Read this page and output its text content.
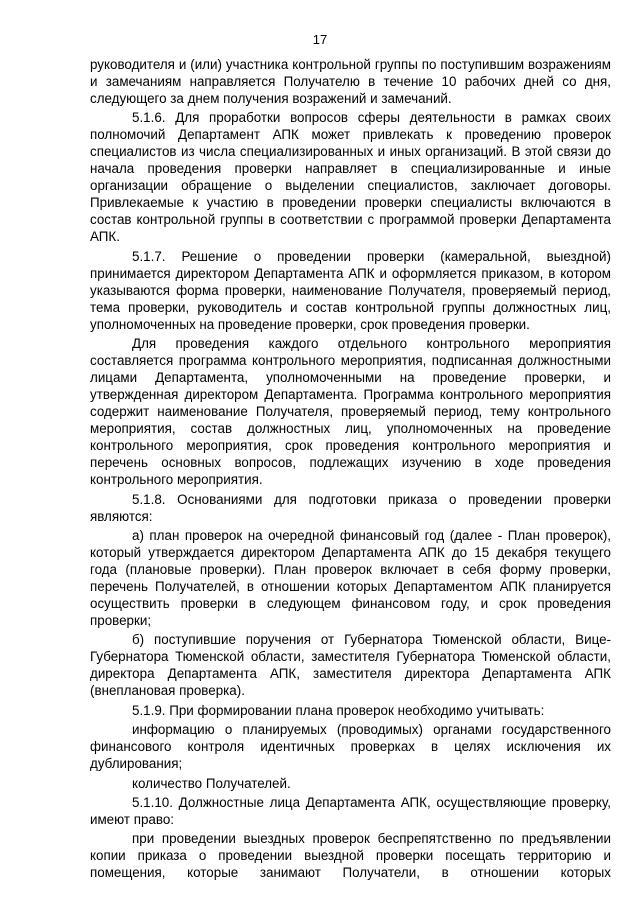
17

руководителя и (или) участника контрольной группы по поступившим возражениям и замечаниям направляется Получателю в течение 10 рабочих дней со дня, следующего за днем получения возражений и замечаний.

5.1.6. Для проработки вопросов сферы деятельности в рамках своих полномочий Департамент АПК может привлекать к проведению проверок специалистов из числа специализированных и иных организаций. В этой связи до начала проведения проверки направляет в специализированные и иные организации обращение о выделении специалистов, заключает договоры. Привлекаемые к участию в проведении проверки специалисты включаются в состав контрольной группы в соответствии с программой проверки Департамента АПК.

5.1.7. Решение о проведении проверки (камеральной, выездной) принимается директором Департамента АПК и оформляется приказом, в котором указываются форма проверки, наименование Получателя, проверяемый период, тема проверки, руководитель и состав контрольной группы должностных лиц, уполномоченных на проведение проверки, срок проведения проверки.

Для проведения каждого отдельного контрольного мероприятия составляется программа контрольного мероприятия, подписанная должностными лицами Департамента, уполномоченными на проведение проверки, и утвержденная директором Департамента. Программа контрольного мероприятия содержит наименование Получателя, проверяемый период, тему контрольного мероприятия, состав должностных лиц, уполномоченных на проведение контрольного мероприятия, срок проведения контрольного мероприятия и перечень основных вопросов, подлежащих изучению в ходе проведения контрольного мероприятия.

5.1.8. Основаниями для подготовки приказа о проведении проверки являются:

а) план проверок на очередной финансовый год (далее - План проверок), который утверждается директором Департамента АПК до 15 декабря текущего года (плановые проверки). План проверок включает в себя форму проверки, перечень Получателей, в отношении которых Департаментом АПК планируется осуществить проверки в следующем финансовом году, и срок проведения проверки;

б) поступившие поручения от Губернатора Тюменской области, Вице-Губернатора Тюменской области, заместителя Губернатора Тюменской области, директора Департамента АПК, заместителя директора Департамента АПК (внеплановая проверка).

5.1.9. При формировании плана проверок необходимо учитывать:

информацию о планируемых (проводимых) органами государственного финансового контроля идентичных проверках в целях исключения их дублирования;

количество Получателей.

5.1.10. Должностные лица Департамента АПК, осуществляющие проверку, имеют право:

при проведении выездных проверок беспрепятственно по предъявлении копии приказа о проведении выездной проверки посещать территорию и помещения, которые занимают Получатели, в отношении которых
